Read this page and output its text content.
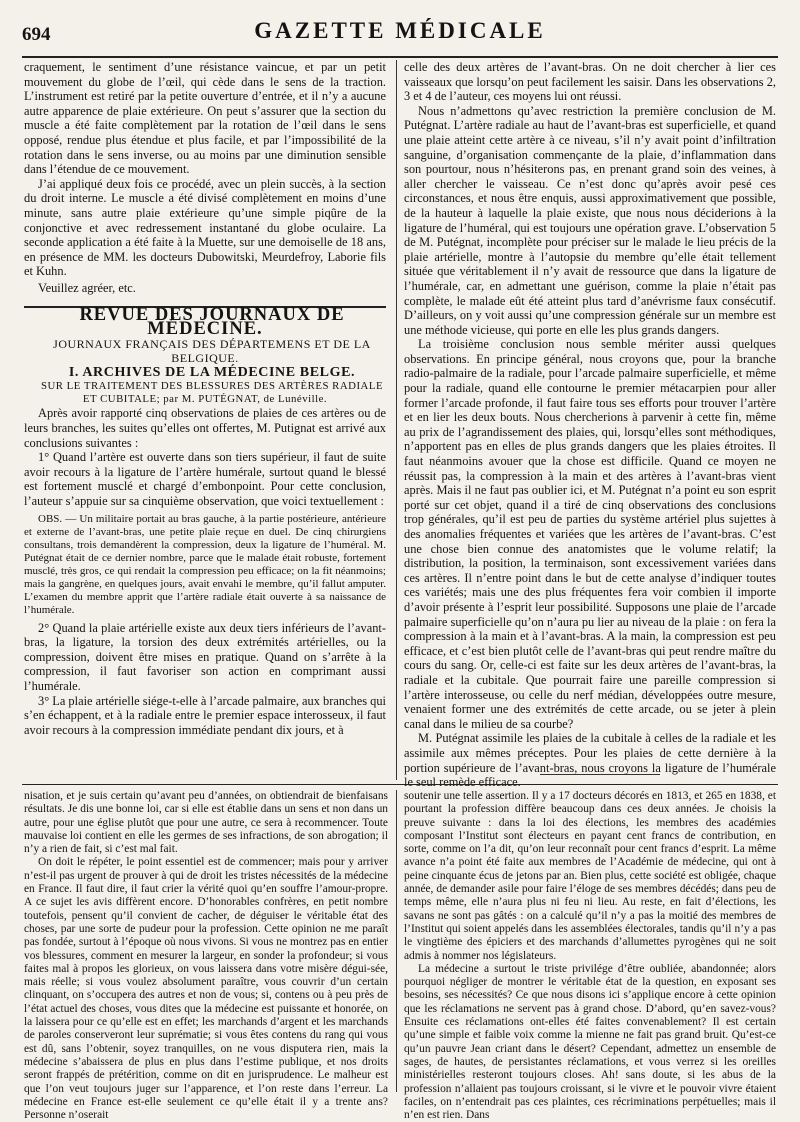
694	GAZETTE MÉDICALE

craquement, le sentiment d’une résistance vaincue, et par un petit mouvement du globe de l’œil, qui cède dans le sens de la traction. L’instrument est retiré par la petite ouverture d’entrée, et il n’y a aucune autre apparence de plaie extérieure. On peut s’assurer que la section du muscle a été faite complètement par la rotation de l’œil dans le sens opposé, rendue plus étendue et plus facile, et par l’impossibilité de la rotation dans le sens inverse, ou au moins par une diminution sensible dans l’étendue de ce mouvement.

J’ai appliqué deux fois ce procédé, avec un plein succès, à la section du droit interne. Le muscle a été divisé complètement en moins d’une minute, sans autre plaie extérieure qu’une simple piqûre de la conjonctive et avec redressement instantané du globe oculaire. La seconde application a été faite à la Muette, sur une demoiselle de 18 ans, en présence de MM. les docteurs Dubowitski, Meurdefroy, Laborie fils et Kuhn.

Veuillez agréer, etc.

REVUE DES JOURNAUX DE MÉDECINE.

JOURNAUX FRANÇAIS DES DÉPARTEMENS ET DE LA BELGIQUE.

I. ARCHIVES DE LA MÉDECINE BELGE.

SUR LE TRAITEMENT DES BLESSURES DES ARTÈRES RADIALE ET CUBITALE; par M. PUTÉGNAT, de Lunéville.

Après avoir rapporté cinq observations de plaies de ces artères ou de leurs branches, les suites qu’elles ont offertes, M. Putignat est arrivé aux conclusions suivantes :

1° Quand l’artère est ouverte dans son tiers supérieur, il faut de suite avoir recours à la ligature de l’artère humérale, surtout quand le blessé est fortement musclé et chargé d’embonpoint. Pour cette conclusion, l’auteur s’appuie sur sa cinquième observation, que voici textuellement :

OBS. — Un militaire portait au bras gauche, à la partie postérieure, antérieure et externe de l’avant-bras, une petite plaie reçue en duel. De cinq chirurgiens consultans, trois demandèrent la compression, deux la ligature de l’huméral. M. Putégnat était de ce dernier nombre, parce que le malade était robuste, fortement musclé, très gros, ce qui rendait la compression peu efficace; on la fit néanmoins; mais la gangrène, en quelques jours, avait envahi le membre, qu’il fallut amputer. L’examen du membre apprit que l’artère radiale était ouverte à sa naissance de l’humérale.

2° Quand la plaie artérielle existe aux deux tiers inférieurs de l’avant-bras, la ligature, la torsion des deux extrémités artérielles, ou la compression, doivent être mises en pratique. Quand on s’arrête à la compression, il faut favoriser son action en comprimant aussi l’humérale.

3° La plaie artérielle siége-t-elle à l’arcade palmaire, aux branches qui s’en échappent, et à la radiale entre le premier espace interosseux, il faut avoir recours à la compression immédiate pendant dix jours, et à

celle des deux artères de l’avant-bras. On ne doit chercher à lier ces vaisseaux que lorsqu’on peut facilement les saisir. Dans les observations 2, 3 et 4 de l’auteur, ces moyens lui ont réussi.

Nous n’admettons qu’avec restriction la première conclusion de M. Putégnat. L’artère radiale au haut de l’avant-bras est superficielle, et quand une plaie atteint cette artère à ce niveau, s’il n’y avait point d’infiltration sanguine, d’organisation commençante de la plaie, d’inflammation dans son pourtour, nous n’hésiterons pas, en prenant grand soin des veines, à aller chercher le vaisseau. Ce n’est donc qu’après avoir pesé ces circonstances, et nous être enquis, aussi approximativement que possible, de la hauteur à laquelle la plaie existe, que nous nous déciderions à la ligature de l’huméral, qui est toujours une opération grave. L’observation 5 de M. Putégnat, incomplète pour préciser sur le malade le lieu précis de la plaie artérielle, montre à l’autopsie du membre qu’elle était tellement située que véritablement il n’y avait de ressource que dans la ligature de l’humérale, car, en admettant une guérison, comme la plaie n’était pas complète, le malade eût été atteint plus tard d’anévrisme faux consécutif. D’ailleurs, on y voit aussi qu’une compression générale sur un membre est une méthode vicieuse, qui porte en elle les plus grands dangers.

La troisième conclusion nous semble mériter aussi quelques observations. En principe général, nous croyons que, pour la branche radio-palmaire de la radiale, pour l’arcade palmaire superficielle, et même pour la radiale, quand elle contourne le premier métacarpien pour aller former l’arcade profonde, il faut faire tous ses efforts pour trouver l’artère et en lier les deux bouts. Nous chercherions à parvenir à cette fin, même au prix de l’agrandissement des plaies, qui, lorsqu’elles sont méthodiques, n’apportent pas en elles de plus grands dangers que les plaies étroites. Il faut néanmoins avouer que la chose est difficile. Quand ce moyen ne réussit pas, la compression à la main et des artères à l’avant-bras vient après. Mais il ne faut pas oublier ici, et M. Putégnat n’a point eu son esprit porté sur cet objet, quand il a tiré de cinq observations des conclusions trop générales, qu’il est peu de parties du système artériel plus sujettes à des anomalies fréquentes et variées que les artères de l’avant-bras. C’est une chose bien connue des anatomistes que le volume relatif; la distribution, la position, la terminaison, sont excessivement variées dans ces artères. Il n’entre point dans le but de cette analyse d’indiquer toutes ces variétés; mais une des plus fréquentes fera voir combien il importe d’avoir présente à l’esprit leur possibilité. Supposons une plaie de l’arcade palmaire superficielle qu’on n’aura pu lier au niveau de la plaie : on fera la compression à la main et à l’avant-bras. A la main, la compression est peu efficace, et c’est bien plutôt celle de l’avant-bras qui peut rendre maître du cours du sang. Or, celle-ci est faite sur les deux artères de l’avant-bras, la radiale et la cubitale. Que pourrait faire une pareille compression si l’artère interosseuse, ou celle du nerf médian, développées outre mesure, venaient former une des extrémités de cette arcade, ou se jeter à plein canal dans le milieu de sa courbe?

M. Putégnat assimile les plaies de la cubitale à celles de la radiale et les assimile aux mêmes préceptes. Pour les plaies de cette dernière à la portion supérieure de l’avant-bras, nous croyons la ligature de l’humérale le seul remède efficace.

nisation, et je suis certain qu’avant peu d’années, on obtiendrait de bienfaisans résultats. Je dis une bonne loi, car si elle est établie dans un sens et non dans un autre, pour une église plutôt que pour une autre, ce sera à recommencer. Toute mauvaise loi contient en elle les germes de ses infractions, de son abrogation; il n’y a rien de fait, si c’est mal fait.

On doit le répéter, le point essentiel est de commencer; mais pour y arriver n’est-il pas urgent de prouver à qui de droit les tristes nécessités de la médecine en France. Il faut dire, il faut crier la vérité quoi qu’en souffre l’amour-propre. A ce sujet les avis diffèrent encore. D’honorables confrères, en petit nombre toutefois, pensent qu’il convient de cacher, de déguiser le véritable état des choses, par une sorte de pudeur pour la profession. Cette opinion ne me paraît pas fondée, surtout à l’époque où nous vivons. Si vous ne montrez pas en entier vos blessures, comment en mesurer la largeur, en sonder la profondeur; si vous faites mal à propos les glorieux, on vous laissera dans votre misère dégui-sée, mais réelle; si vous voulez absolument paraître, vous couvrir d’un certain clinquant, on s’occupera des autres et non de vous; si, contens ou à peu près de l’état actuel des choses, vous dites que la médecine est puissante et honorée, on la laissera pour ce qu’elle est en effet; les marchands d’argent et les marchands de paroles conserveront leur suprématie; si vous êtes contens du rang qui vous est dû, sans l’obtenir, soyez tranquilles, on ne vous disputera rien, mais la médecine s’abaissera de plus en plus dans l’estime publique, et nos droits seront frappés de prétérition, comme on dit en jurisprudence. Le malheur est que l’on veut toujours juger sur l’apparence, et l’on reste dans l’erreur. La médecine en France est-elle seulement ce qu’elle était il y a trente ans? Personne n’oserait

soutenir une telle assertion. Il y a 17 docteurs décorés en 1813, et 265 en 1838, et pourtant la profession diffère beaucoup dans ces deux années. Je choisis la preuve suivante : dans la loi des élections, les membres des académies composant l’Institut sont électeurs en payant cent francs de contribution, en sorte, comme on l’a dit, qu’on leur reconnaît pour cent francs d’esprit. La même avance n’a point été faite aux membres de l’Académie de médecine, qui ont à peine cinquante écus de jetons par an. Bien plus, cette société est obligée, chaque année, de demander asile pour faire l’éloge de ses membres décédés; dans peu de temps même, elle n’aura plus ni feu ni lieu. Au reste, en fait d’élections, les savans ne sont pas gâtés : on a calculé qu’il n’y a pas la moitié des membres de l’Institut qui soient appelés dans les assemblées électorales, tandis qu’il n’y a pas le vingtième des épiciers et des marchands d’allumettes pyrogènes qui ne soit admis à nommer nos législateurs.

La médecine a surtout le triste privilége d’être oubliée, abandonnée; alors pourquoi négliger de montrer le véritable état de la question, en exposant ses besoins, ses nécessités? Ce que nous disons ici s’applique encore à cette opinion que les réclamations ne servent pas à grand chose. D’abord, qu’en savez-vous? Ensuite ces réclamations ont-elles été faites convenablement? Il est certain qu’une simple et faible voix comme la mienne ne fait pas grand bruit. Qu’est-ce qu’un pauvre Jean criant dans le désert? Cependant, admettez un ensemble de sages, de hautes, de persistantes réclamations, et vous verrez si les oreilles ministérielles resteront toujours closes. Ah! sans doute, si les abus de la profession n’allaient pas toujours croissant, si le vivre et le pouvoir vivre étaient faciles, on n’entendrait pas ces plaintes, ces récriminations perpétuelles; mais il n’en est rien. Dans
